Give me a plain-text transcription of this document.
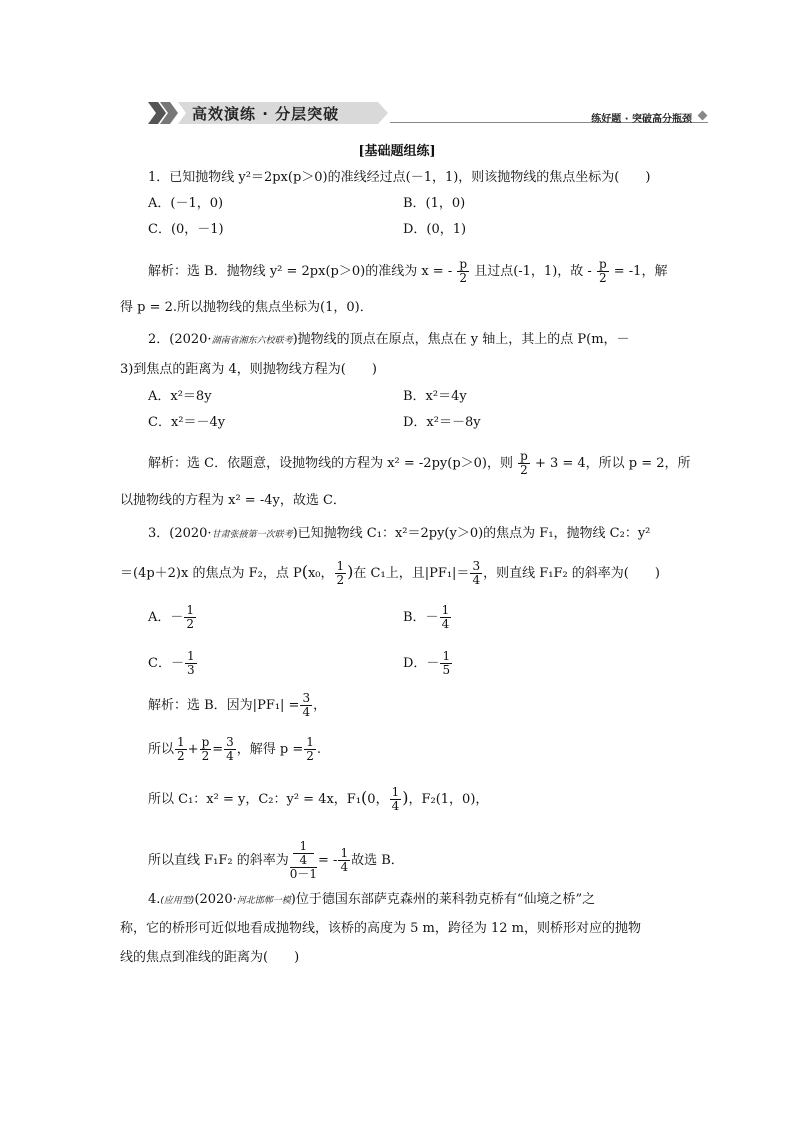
高效演练 · 分层突破	练好题 · 突破高分瓶颈
[基础题组练]
1．已知抛物线 y²＝2px(p＞0)的准线经过点(－1，1)，则该抛物线的焦点坐标为(　　)
A．(－1，0)	B．(1，0)
C．(0，－1)	D．(0，1)
解析：选 B．抛物线 y² = 2px(p＞0)的准线为 x = - $\frac{p}{2}$ 且过点(-1，1)，故 - $\frac{p}{2} = -1$，解
得 p = 2.所以抛物线的焦点坐标为(1，0)．
2．(2020·湖南省湘东六校联考)抛物线的顶点在原点，焦点在 y 轴上，其上的点 P(m，－
3)到焦点的距离为 4，则抛物线方程为(　　)
A．x²＝8y	B．x²＝4y
C．x²＝－4y	D．x²＝－8y
解析：选 C．依题意，设抛物线的方程为 x² = -2py(p＞0)，则 $\frac{p}{2} + 3 = 4$，所以 p = 2，所
以抛物线的方程为 x² = -4y，故选 C．
3．(2020·甘肃张掖第一次联考)已知抛物线 C₁：x²＝2py(y＞0)的焦点为 F₁，抛物线 C₂：y²
＝(4p＋2)x 的焦点为 F₂，点 P(x₀， $\frac{1}{2}$ )在 C₁上，且$|PF_1|= \frac{3}{4}$ ，则直线 F₁F₂ 的斜率为(　　)
A．－ $\frac{1}{2}$	B．－ $\frac{1}{4}$
C．－ $\frac{1}{3}$	D．－ $\frac{1}{5}$
解析：选 B．因为$|PF_1| = \frac{3}{4}$ ，
所以 $\frac{1}{2} + \frac{p}{2} = \frac{3}{4}$ ，解得 $p = \frac{1}{2}$ .
所以 C₁：x² = y，C₂：y² = 4x，F₁(0， $\frac{1}{4}$ )，F₂(1，0)，
所以直线 F₁F₂ 的斜率为 1
4
0－1 = - $\frac{1}{4}$ 故选 B．
4.(应用型)(2020·河北邯郸一模)位于德国东部萨克森州的莱科勃克桥有“仙境之桥”之
称，它的桥形可近似地看成抛物线，该桥的高度为 5 m，跨径为 12 m，则桥形对应的抛物
线的焦点到准线的距离为(　　)
